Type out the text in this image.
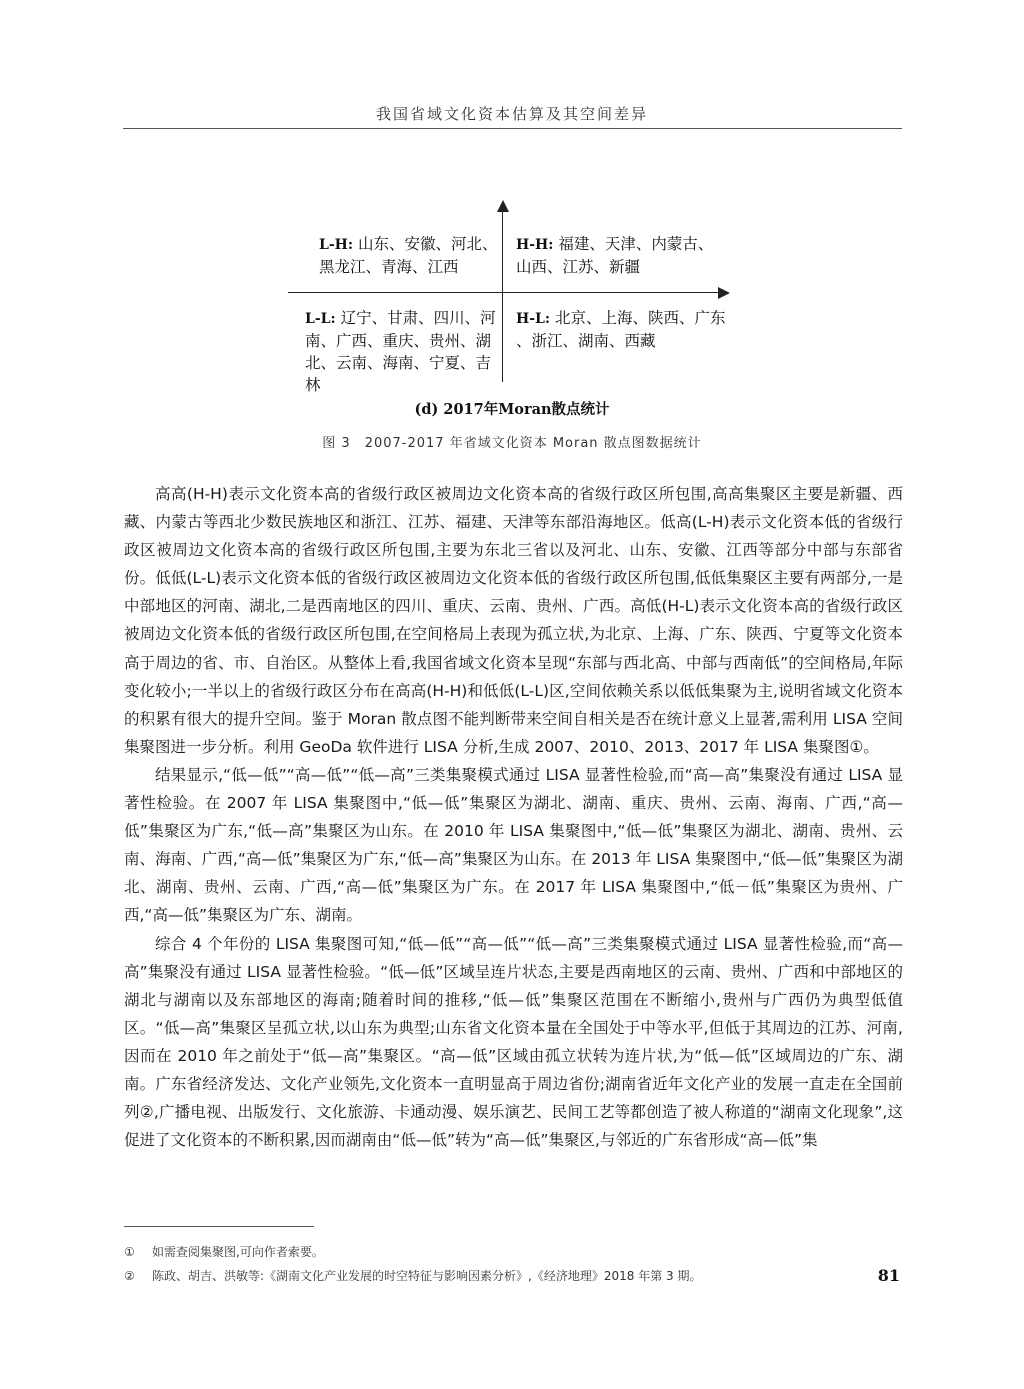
我国省域文化资本估算及其空间差异
L-H: 山东、安徽、河北、黑龙江、青海、江西
H-H: 福建、天津、内蒙古、山西、江苏、新疆
L-L: 辽宁、甘肃、四川、河南、广西、重庆、贵州、湖北、云南、海南、宁夏、吉林
H-L: 北京、上海、陕西、广东 、浙江、湖南、西藏
(d) 2017年Moran散点统计
图 3　2007-2017 年省域文化资本 Moran 散点图数据统计

高高(H-H)表示文化资本高的省级行政区被周边文化资本高的省级行政区所包围,高高集聚区主要是新疆、西藏、内蒙古等西北少数民族地区和浙江、江苏、福建、天津等东部沿海地区。低高(L-H)表示文化资本低的省级行政区被周边文化资本高的省级行政区所包围,主要为东北三省以及河北、山东、安徽、江西等部分中部与东部省份。低低(L-L)表示文化资本低的省级行政区被周边文化资本低的省级行政区所包围,低低集聚区主要有两部分,一是中部地区的河南、湖北,二是西南地区的四川、重庆、云南、贵州、广西。高低(H-L)表示文化资本高的省级行政区被周边文化资本低的省级行政区所包围,在空间格局上表现为孤立状,为北京、上海、广东、陕西、宁夏等文化资本高于周边的省、市、自治区。从整体上看,我国省域文化资本呈现“东部与西北高、中部与西南低”的空间格局,年际变化较小;一半以上的省级行政区分布在高高(H-H)和低低(L-L)区,空间依赖关系以低低集聚为主,说明省域文化资本的积累有很大的提升空间。鉴于 Moran 散点图不能判断带来空间自相关是否在统计意义上显著,需利用 LISA 空间集聚图进一步分析。利用 GeoDa 软件进行 LISA 分析,生成 2007、2010、2013、2017 年 LISA 集聚图①。

结果显示,“低—低”“高—低”“低—高”三类集聚模式通过 LISA 显著性检验,而“高—高”集聚没有通过 LISA 显著性检验。在 2007 年 LISA 集聚图中,“低—低”集聚区为湖北、湖南、重庆、贵州、云南、海南、广西,“高—低”集聚区为广东,“低—高”集聚区为山东。在 2010 年 LISA 集聚图中,“低—低”集聚区为湖北、湖南、贵州、云南、海南、广西,“高—低”集聚区为广东,“低—高”集聚区为山东。在 2013 年 LISA 集聚图中,“低—低”集聚区为湖北、湖南、贵州、云南、广西,“高—低”集聚区为广东。在 2017 年 LISA 集聚图中,“低－低”集聚区为贵州、广西,“高—低”集聚区为广东、湖南。

综合 4 个年份的 LISA 集聚图可知,“低—低”“高—低”“低—高”三类集聚模式通过 LISA 显著性检验,而“高—高”集聚没有通过 LISA 显著性检验。“低—低”区域呈连片状态,主要是西南地区的云南、贵州、广西和中部地区的湖北与湖南以及东部地区的海南;随着时间的推移,“低—低”集聚区范围在不断缩小,贵州与广西仍为典型低值区。“低—高”集聚区呈孤立状,以山东为典型;山东省文化资本量在全国处于中等水平,但低于其周边的江苏、河南,因而在 2010 年之前处于“低—高”集聚区。“高—低”区域由孤立状转为连片状,为“低—低”区域周边的广东、湖南。广东省经济发达、文化产业领先,文化资本一直明显高于周边省份;湖南省近年文化产业的发展一直走在全国前列②,广播电视、出版发行、文化旅游、卡通动漫、娱乐演艺、民间工艺等都创造了被人称道的“湖南文化现象”,这促进了文化资本的不断积累,因而湖南由“低—低”转为“高—低”集聚区,与邻近的广东省形成“高—低”集

①	如需查阅集聚图,可向作者索要。
②	陈政、胡吉、洪敏等:《湖南文化产业发展的时空特征与影响因素分析》,《经济地理》2018 年第 3 期。	81
